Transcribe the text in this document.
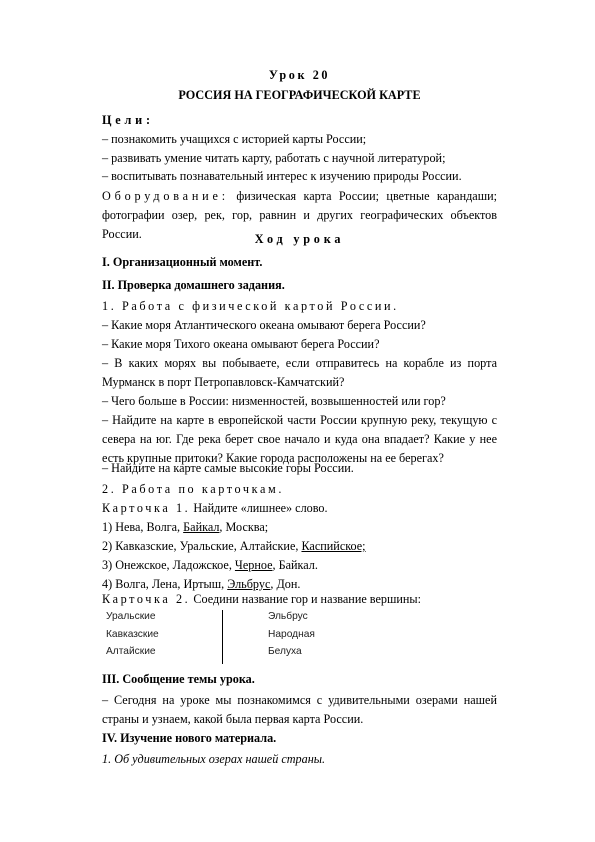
Урок 20

РОССИЯ НА ГЕОГРАФИЧЕСКОЙ КАРТЕ

Цели:

– познакомить учащихся с историей карты России;

– развивать умение читать карту, работать с научной литературой;

– воспитывать познавательный интерес к изучению природы России.

Оборудование: физическая карта России; цветные карандаши; фотографии озер, рек, гор, равнин и других географических объектов России.	Ход урока

I. Организационный момент.

II. Проверка домашнего задания.

1. Работа с физической картой России.

– Какие моря Атлантического океана омывают берега России?

– Какие моря Тихого океана омывают берега России?

– В каких морях вы побываете, если отправитесь на корабле из порта Мурманск в порт Петропавловск-Камчатский?

– Чего больше в России: низменностей, возвышенностей или гор?

– Найдите на карте в европейской части России крупную реку, текущую с севера на юг. Где река берет свое начало и куда она впадает? Какие у нее есть крупные притоки? Какие города расположены на ее берегах?

– Найдите на карте самые высокие горы России.

2. Работа по карточкам.

Карточка 1. Найдите «лишнее» слово.

1) Нева, Волга, Байкал, Москва;

2) Кавказские, Уральские, Алтайские, Каспийское;

3) Онежское, Ладожское, Черное, Байкал.

4) Волга, Лена, Иртыш, Эльбрус, Дон.

Карточка 2. Соедини название гор и название вершины:

Уральские
Кавказские
Алтайские
Эльбрус
Народная
Белуха

III. Сообщение темы урока.

– Сегодня на уроке мы познакомимся с удивительными озерами нашей страны и узнаем, какой была первая карта России.

IV. Изучение нового материала.

1. Об удивительных озерах нашей страны.
